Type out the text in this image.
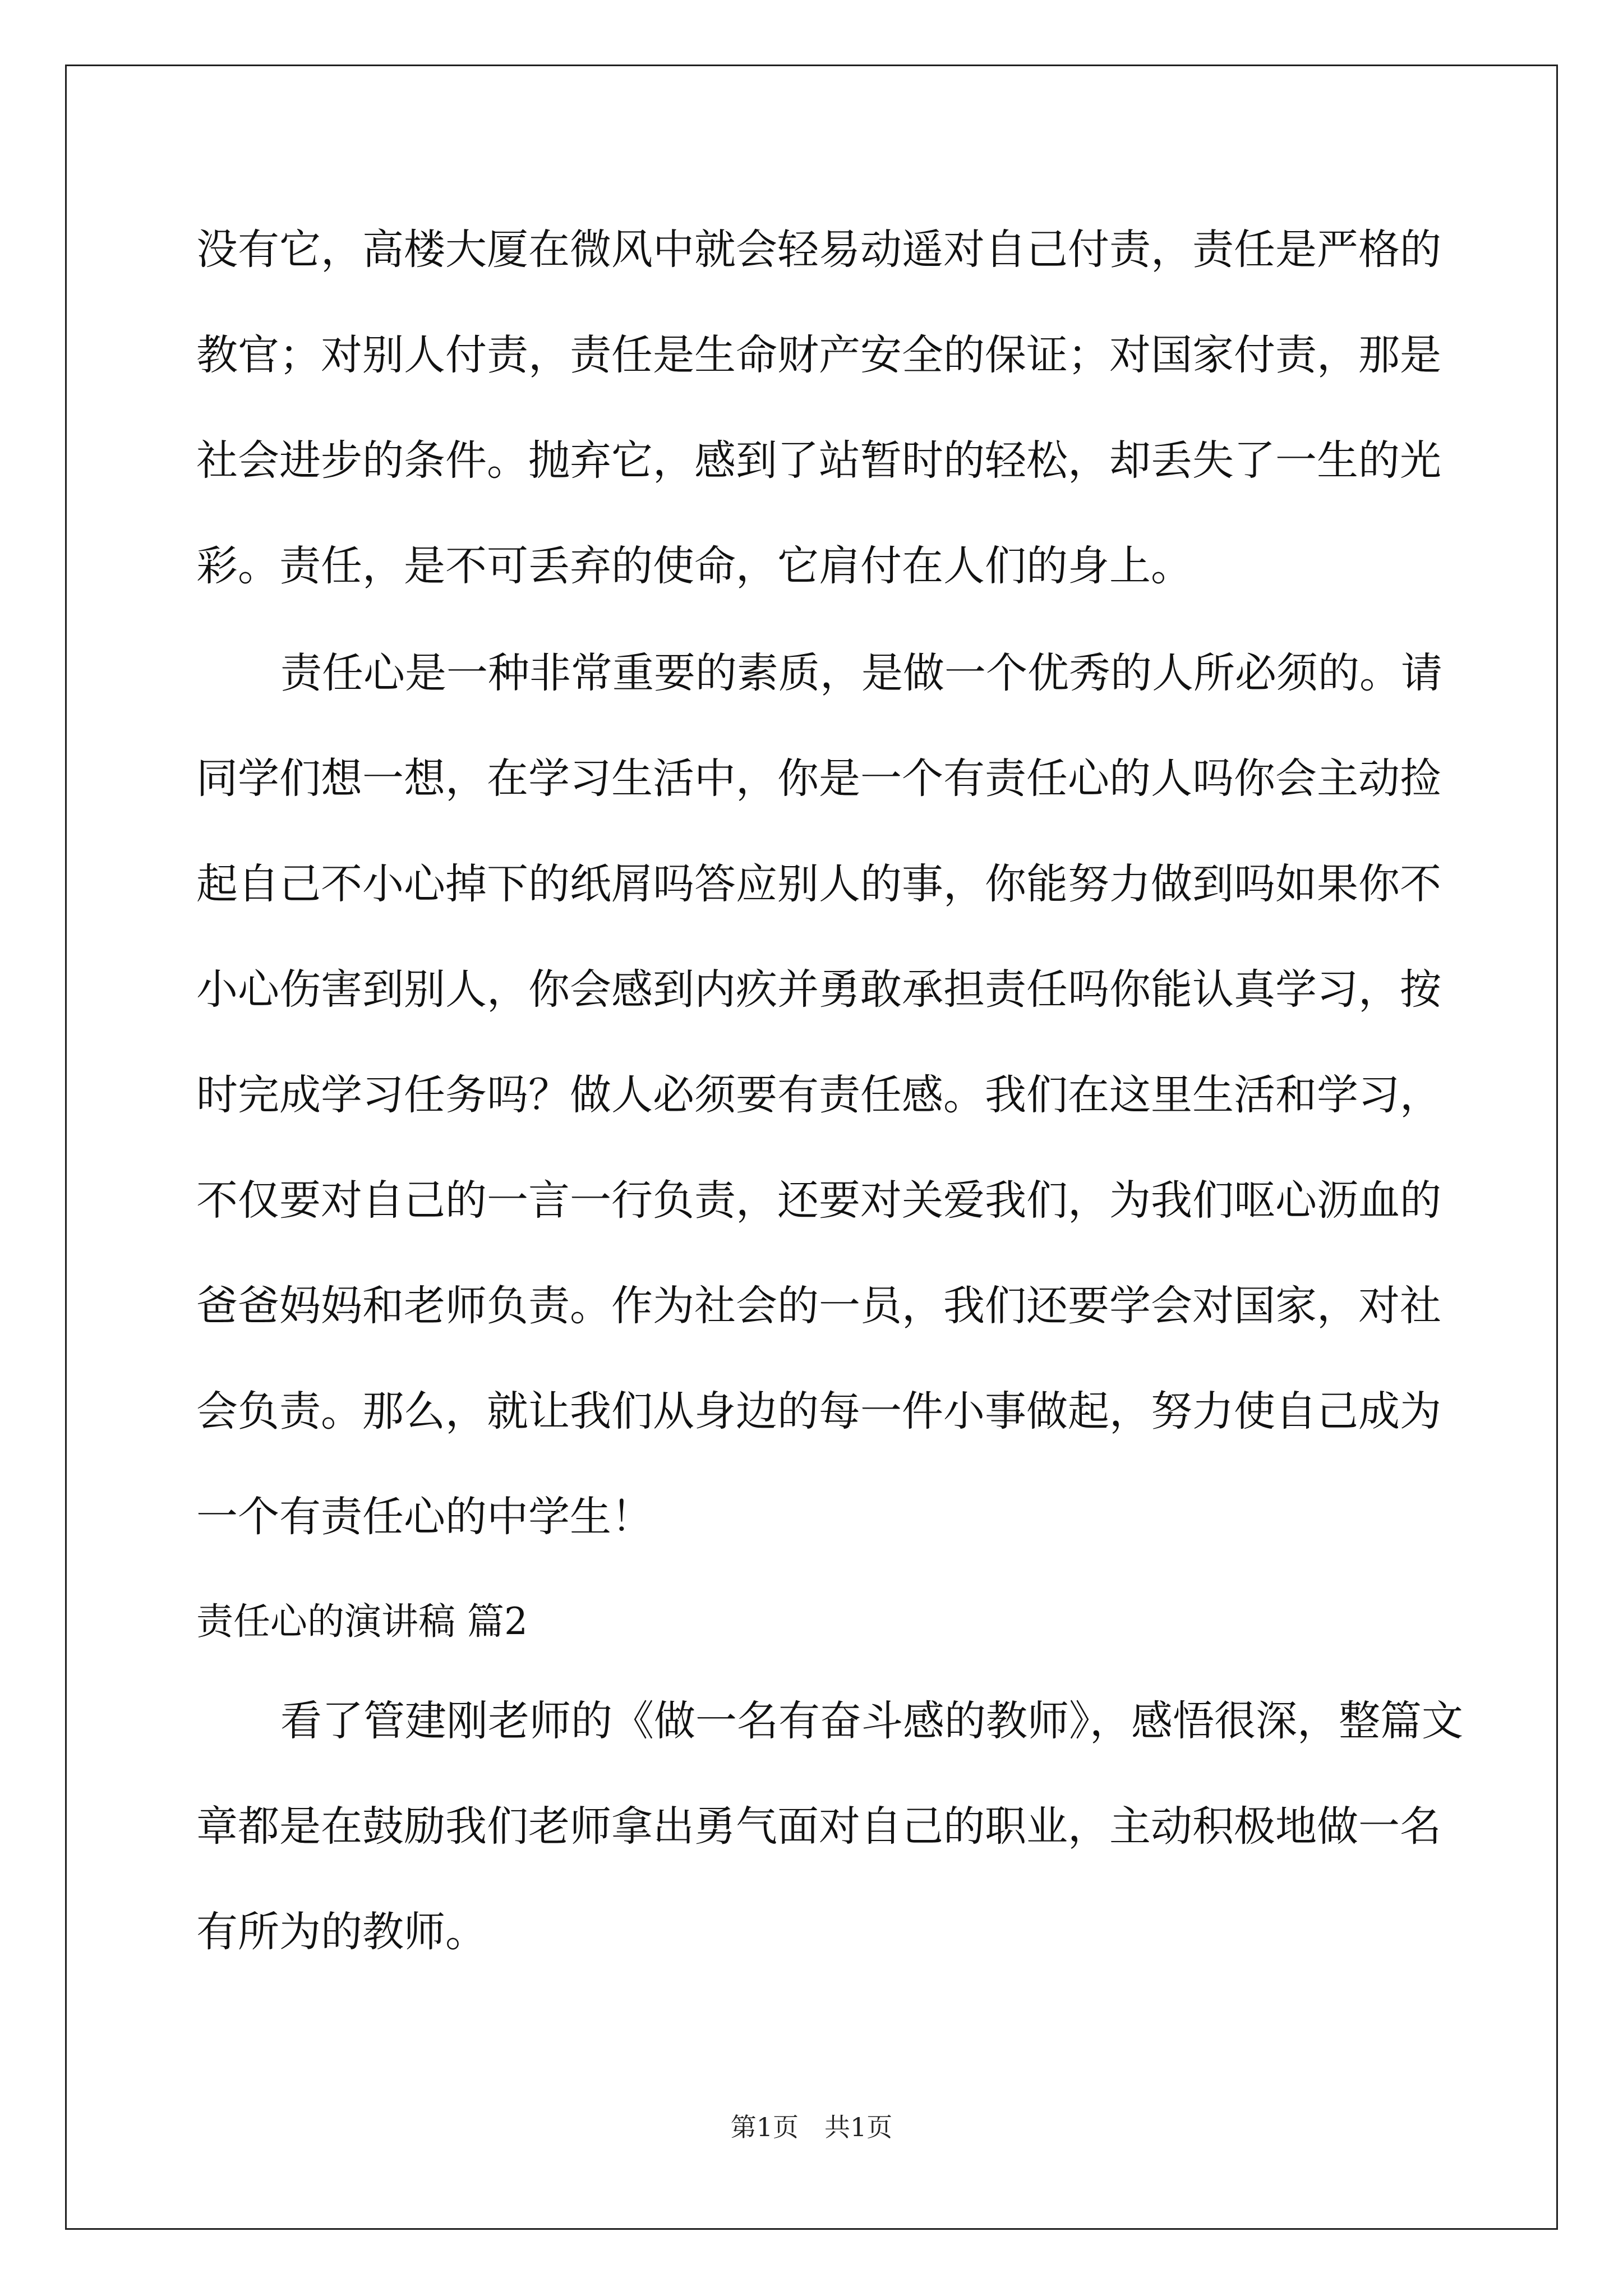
没有它，高楼大厦在微风中就会轻易动遥对自己付责，责任是严格的
教官；对别人付责，责任是生命财产安全的保证；对国家付责，那是
社会进步的条件。抛弃它，感到了站暂时的轻松，却丢失了一生的光
彩。责任，是不可丢弃的使命，它肩付在人们的身上。
责任心是一种非常重要的素质，是做一个优秀的人所必须的。请
同学们想一想，在学习生活中，你是一个有责任心的人吗你会主动捡
起自己不小心掉下的纸屑吗答应别人的事，你能努力做到吗如果你不
小心伤害到别人，你会感到内疚并勇敢承担责任吗你能认真学习，按
时完成学习任务吗？做人必须要有责任感。我们在这里生活和学习，
不仅要对自己的一言一行负责，还要对关爱我们，为我们呕心沥血的
爸爸妈妈和老师负责。作为社会的一员，我们还要学会对国家，对社
会负责。那么，就让我们从身边的每一件小事做起，努力使自己成为
一个有责任心的中学生！
责任心的演讲稿 篇2
看了管建刚老师的《做一名有奋斗感的教师》，感悟很深，整篇文
章都是在鼓励我们老师拿出勇气面对自己的职业，主动积极地做一名
有所为的教师。
第1页　共1页
